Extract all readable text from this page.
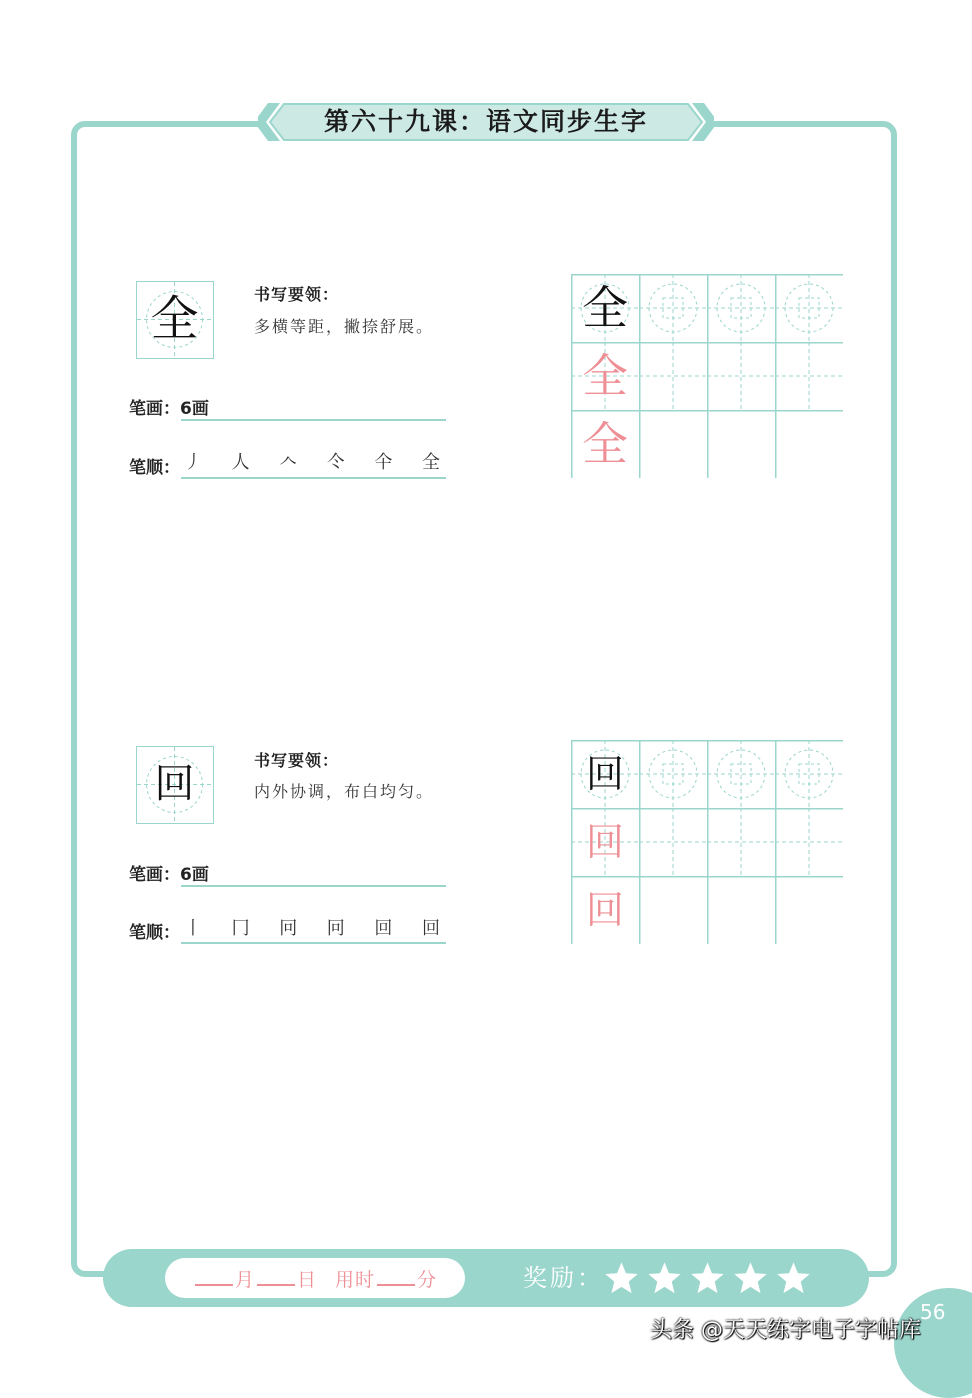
第六十九课：语文同步生字
全	书写要领：
多横等距，撇捺舒展。
笔画：6画
笔顺： 丿 人 𠆢 仒 仐 全
全
全
全
回
书写要领：
内外协调，布白均匀。
笔画：6画
笔顺： 丨 冂 冋 冋 回 回
回
回
回
月 日 用时 分	奖励：
56
头条 @天天练字电子字帖库
